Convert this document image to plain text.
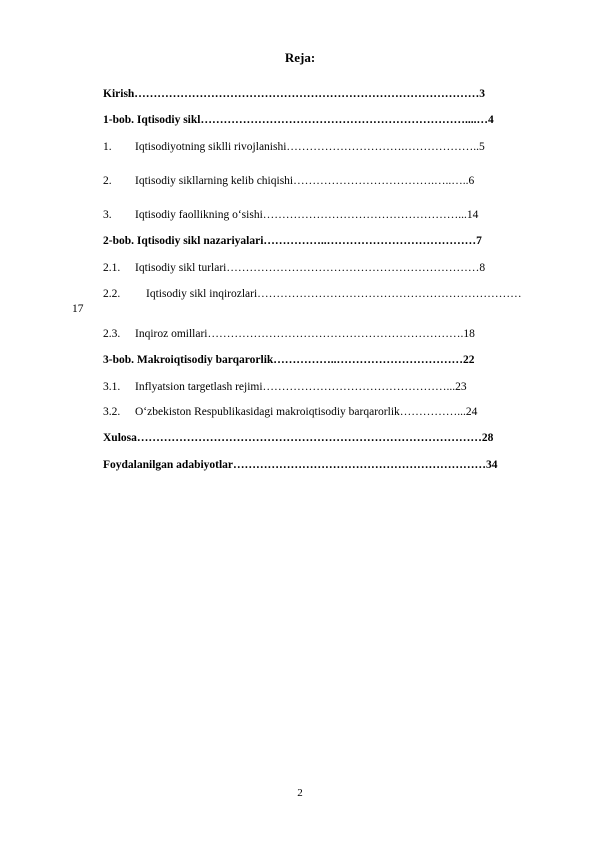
Reja:
Kirish………………………………………………………………………………3
1-bob. Iqtisodiy sikl……………………………………………………………....…4
1. Iqtisodiyotning siklli rivojlanishi………………………….………………..5
2. Iqtisodiy sikllarning kelib chiqishi……………………………….…..…..6
3. Iqtisodiy faollikning o‘sishi……………………………………………...14
2-bob. Iqtisodiy sikl nazariyalari……………..…………………………………7
2.1. Iqtisodiy sikl turlari…………………………………………………………8
2.2. Iqtisodiy sikl inqirozlari……………………………………………………………
17
2.3. Inqiroz omillari………………………………………………………….18
3-bob. Makroiqtisodiy barqarorlik……………..……………………………22
3.1. Inflyatsion targetlash rejimi…………………………………………...23
3.2. O‘zbekiston Respublikasidagi makroiqtisodiy barqarorlik……………...24
Xulosa………………………………………………………………………………28
Foydalanilgan adabiyotlar…………………………………………………………34
2
